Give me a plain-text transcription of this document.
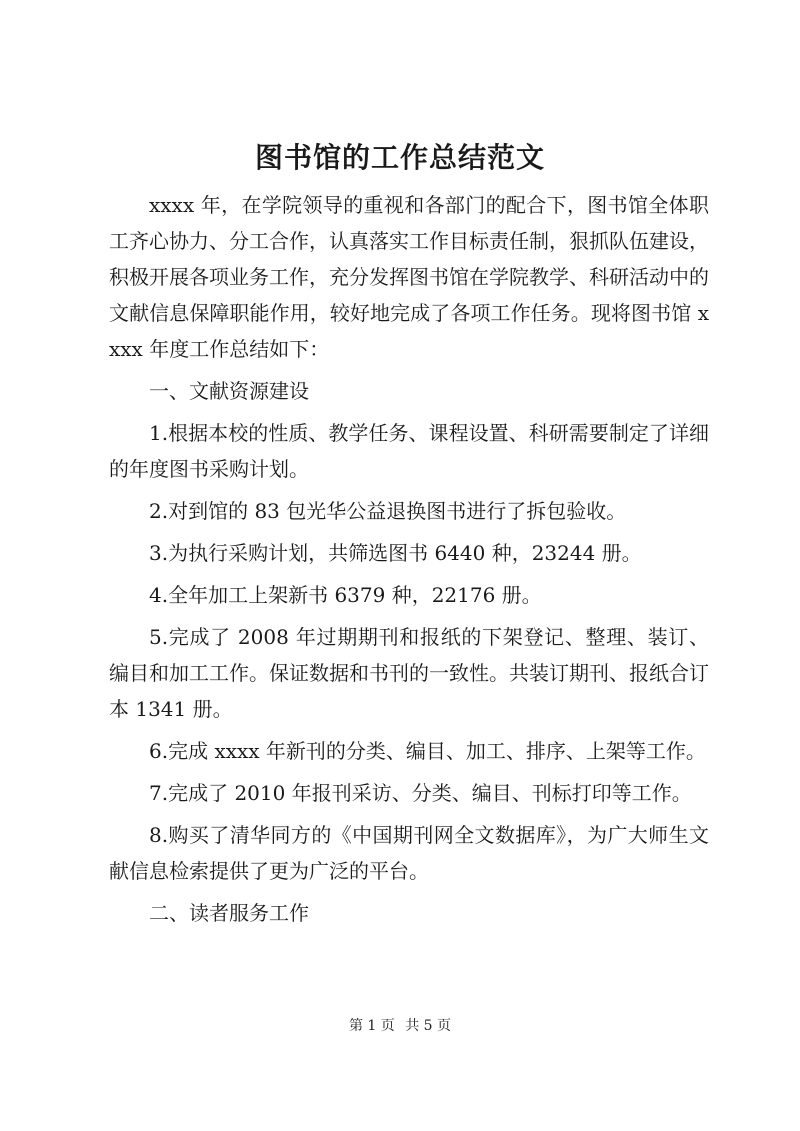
图书馆的工作总结范文

xxxx 年，在学院领导的重视和各部门的配合下，图书馆全体职工齐心协力、分工合作，认真落实工作目标责任制，狠抓队伍建设，积极开展各项业务工作，充分发挥图书馆在学院教学、科研活动中的文献信息保障职能作用，较好地完成了各项工作任务。现将图书馆 xxxx 年度工作总结如下：

一、文献资源建设

1.根据本校的性质、教学任务、课程设置、科研需要制定了详细的年度图书采购计划。

2.对到馆的 83 包光华公益退换图书进行了拆包验收。

3.为执行采购计划，共筛选图书 6440 种，23244 册。

4.全年加工上架新书 6379 种，22176 册。

5.完成了 2008 年过期期刊和报纸的下架登记、整理、装订、编目和加工工作。保证数据和书刊的一致性。共装订期刊、报纸合订本 1341 册。

6.完成 xxxx 年新刊的分类、编目、加工、排序、上架等工作。

7.完成了 2010 年报刊采访、分类、编目、刊标打印等工作。

8.购买了清华同方的《中国期刊网全文数据库》，为广大师生文献信息检索提供了更为广泛的平台。

二、读者服务工作

第 1 页 共 5 页
